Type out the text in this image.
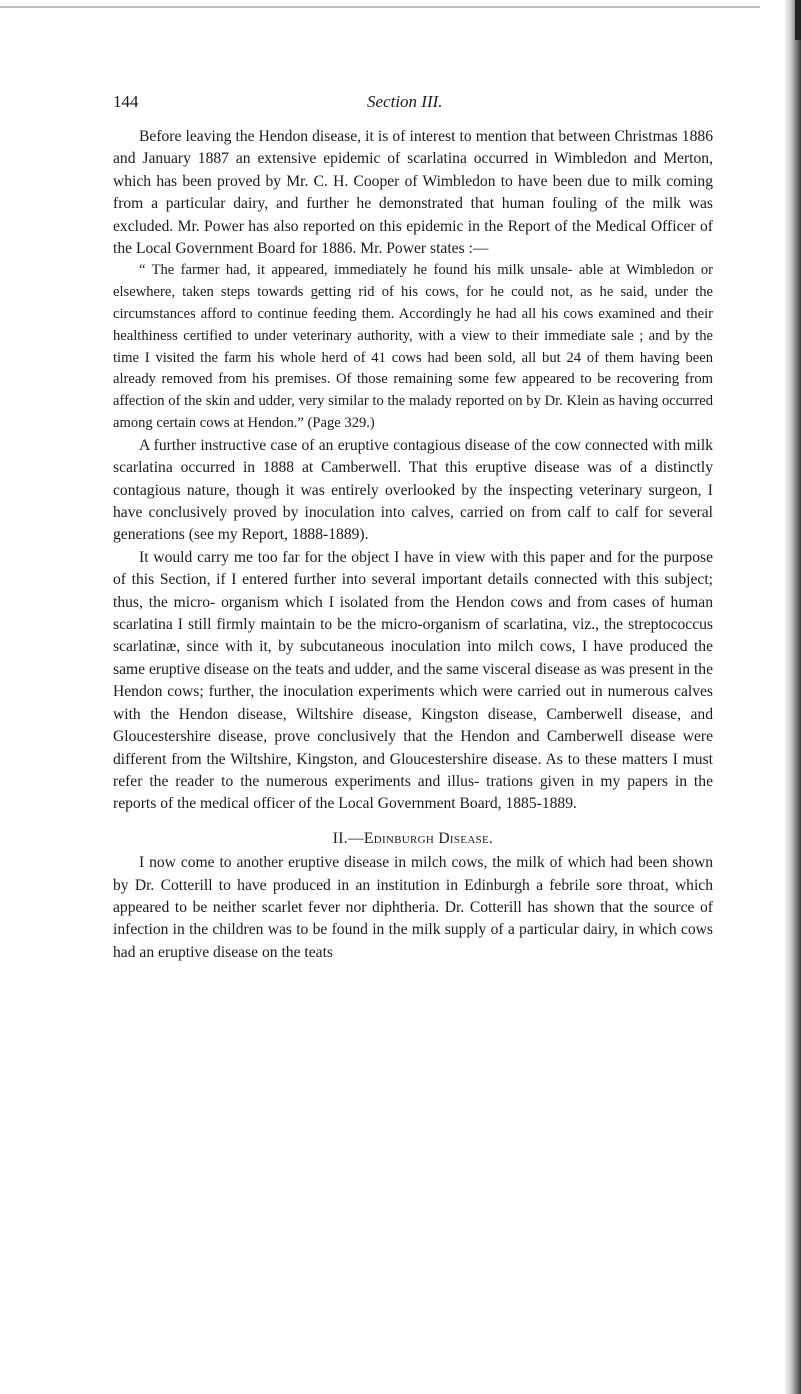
144	Section III.

Before leaving the Hendon disease, it is of interest to mention that between Christmas 1886 and January 1887 an extensive epidemic of scarlatina occurred in Wimbledon and Merton, which has been proved by Mr. C. H. Cooper of Wimbledon to have been due to milk coming from a particular dairy, and further he demonstrated that human fouling of the milk was excluded. Mr. Power has also reported on this epidemic in the Report of the Medical Officer of the Local Government Board for 1886. Mr. Power states :—

“ The farmer had, it appeared, immediately he found his milk unsale- able at Wimbledon or elsewhere, taken steps towards getting rid of his cows, for he could not, as he said, under the circumstances afford to continue feeding them. Accordingly he had all his cows examined and their healthiness certified to under veterinary authority, with a view to their immediate sale ; and by the time I visited the farm his whole herd of 41 cows had been sold, all but 24 of them having been already removed from his premises. Of those remaining some few appeared to be recovering from affection of the skin and udder, very similar to the malady reported on by Dr. Klein as having occurred among certain cows at Hendon.” (Page 329.)

A further instructive case of an eruptive contagious disease of the cow connected with milk scarlatina occurred in 1888 at Camberwell. That this eruptive disease was of a distinctly contagious nature, though it was entirely overlooked by the inspecting veterinary surgeon, I have conclusively proved by inoculation into calves, carried on from calf to calf for several generations (see my Report, 1888-1889).

It would carry me too far for the object I have in view with this paper and for the purpose of this Section, if I entered further into several important details connected with this subject; thus, the micro- organism which I isolated from the Hendon cows and from cases of human scarlatina I still firmly maintain to be the micro-organism of scarlatina, viz., the streptococcus scarlatinæ, since with it, by subcutaneous inoculation into milch cows, I have produced the same eruptive disease on the teats and udder, and the same visceral disease as was present in the Hendon cows; further, the inoculation experiments which were carried out in numerous calves with the Hendon disease, Wiltshire disease, Kingston disease, Camberwell disease, and Gloucestershire disease, prove conclusively that the Hendon and Camberwell disease were different from the Wiltshire, Kingston, and Gloucestershire disease. As to these matters I must refer the reader to the numerous experiments and illus- trations given in my papers in the reports of the medical officer of the Local Government Board, 1885-1889.

II.—Edinburgh Disease.

I now come to another eruptive disease in milch cows, the milk of which had been shown by Dr. Cotterill to have produced in an institution in Edinburgh a febrile sore throat, which appeared to be neither scarlet fever nor diphtheria. Dr. Cotterill has shown that the source of infection in the children was to be found in the milk supply of a particular dairy, in which cows had an eruptive disease on the teats
